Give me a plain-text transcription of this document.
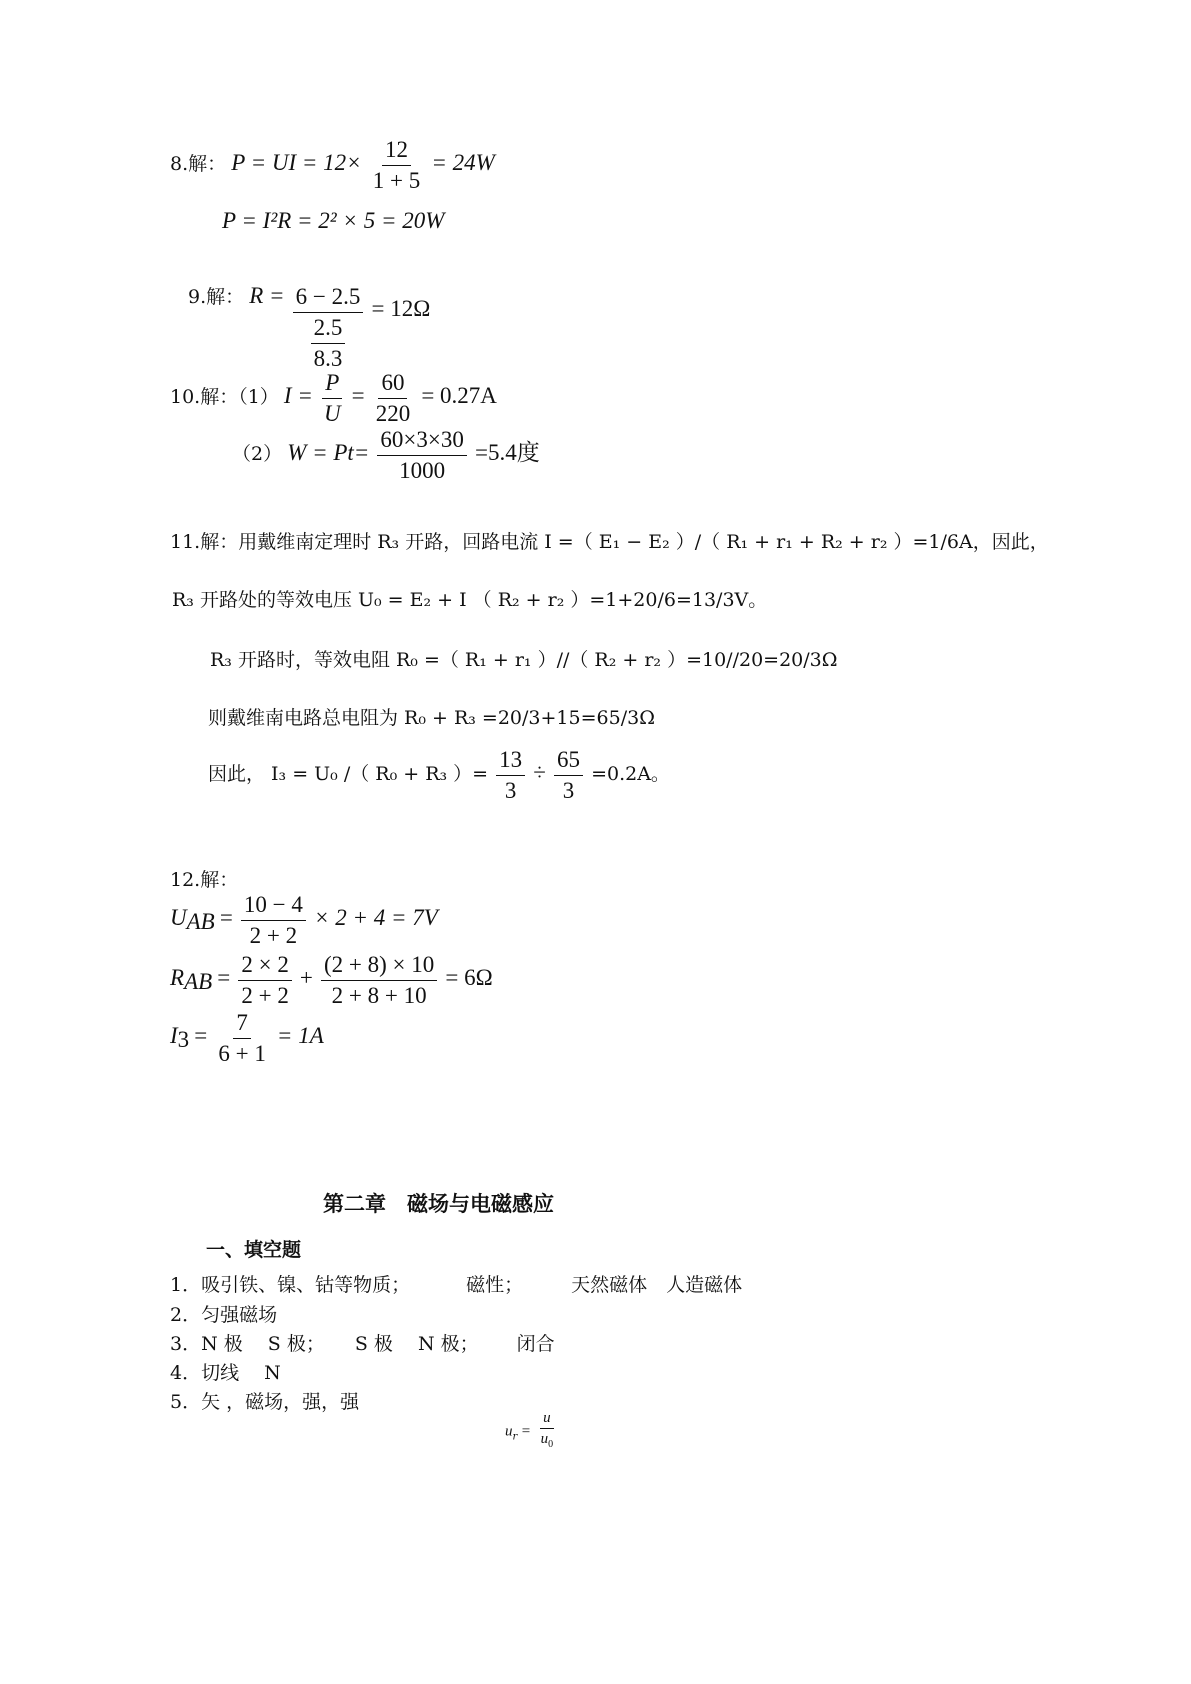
8.解： P = UI = $12\times \frac{12}{1 + 5} = 24W$
P = I²R = 2² × 5 = 20W
9.解： R = 6 − 2.5
2.5
8.3
= 12Ω
10.解：（1） $I = \frac{P}{U} = \frac{60}{220} = 0.27A$
（2） $W = Pt= \frac{60\times 3\times 30}{1000} =5.4$度
11.解：用戴维南定理时 R₃ 开路，回路电流 I =（ E₁ − E₂ ）/（ R₁ + r₁ + R₂ + r₂ ）=1/6A，因此，
R₃ 开路处的等效电压 U₀ = E₂ + I （ R₂ + r₂ ）=1+20/6=13/3V。
R₃ 开路时，等效电阻 R₀ =（ R₁ + r₁ ）//（ R₂ + r₂ ）=10//20=20/3Ω
则戴维南电路总电阻为 R₀ + R₃ =20/3+15=65/3Ω
因此， I₃ = U₀ /（ R₀ + R₃ ）= $\frac{13}{3} \div \frac{65}{3} =0.2A$。
12.解：
$U_{AB} = \frac{10 - 4}{2 + 2} \times 2 + 4 = 7V$
$R_{AB} = \frac{2 \times 2}{2 + 2} + \frac{(2 + 8) \times 10}{2 + 8 + 10} = 6\Omega$
$I_3 = \frac{7}{6 + 1} = 1A$
第二章　磁场与电磁感应
一、填空题
1．吸引铁、镍、钴等物质；	磁性；	天然磁体　人造磁体
2．匀强磁场
3．N 极　 S 极； S 极　 N 极； 闭合
4．切线　 N
5．矢 ，磁场，强，强
$u_r = \frac{u}{u_0}$
